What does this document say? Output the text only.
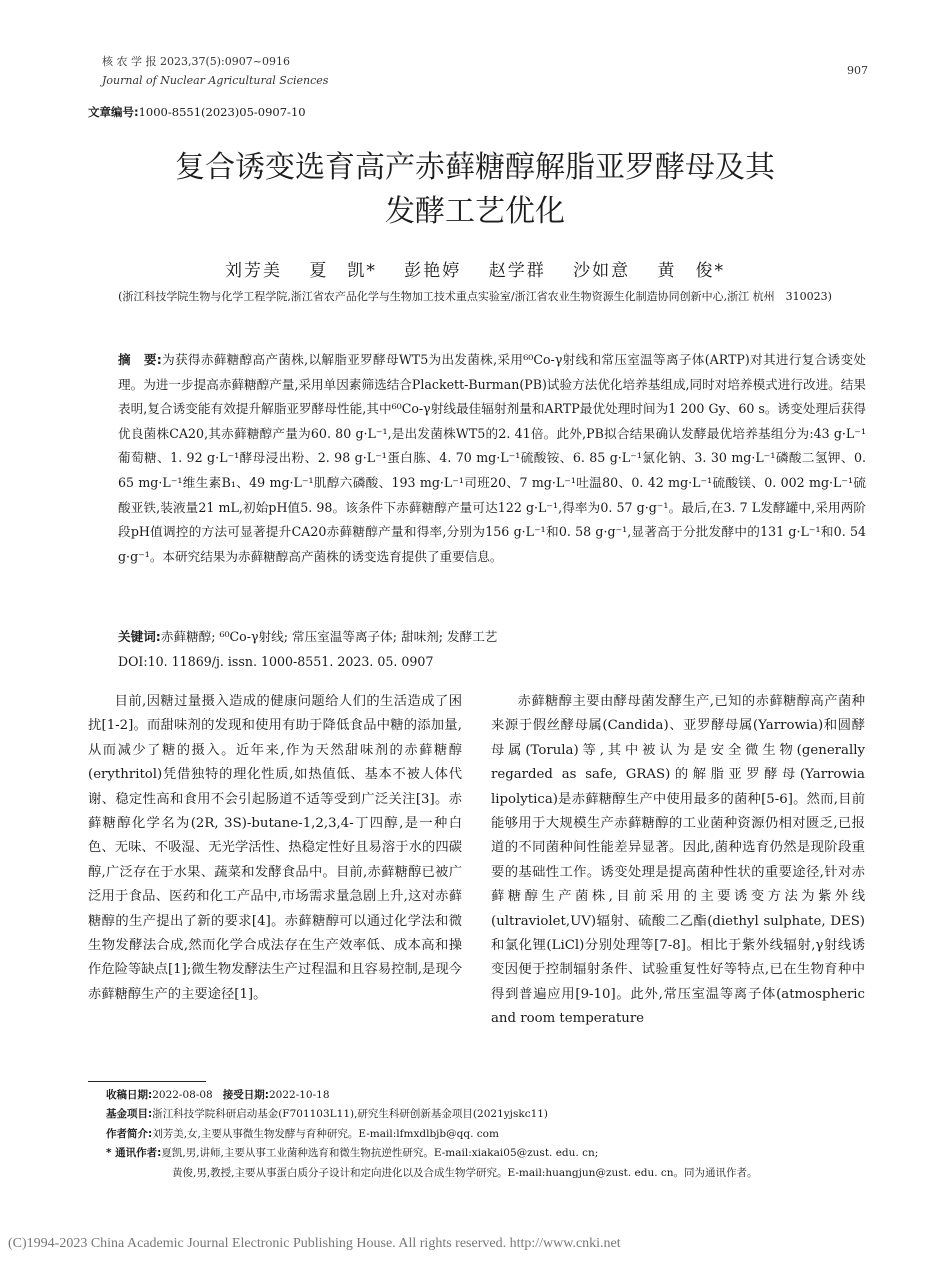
核 农 学 报 2023,37(5):0907~0916
Journal of Nuclear Agricultural Sciences
907
文章编号:1000-8551(2023)05-0907-10
复合诱变选育高产赤藓糖醇解脂亚罗酵母及其
发酵工艺优化
刘芳美 夏　凯* 彭艳婷 赵学群 沙如意 黄　俊*
(浙江科技学院生物与化学工程学院,浙江省农产品化学与生物加工技术重点实验室/浙江省农业生物资源生化制造协同创新中心,浙江 杭州　310023)
摘　要:为获得赤藓糖醇高产菌株,以解脂亚罗酵母WT5为出发菌株,采用⁶⁰Co-γ射线和常压室温等离子体(ARTP)对其进行复合诱变处理。为进一步提高赤藓糖醇产量,采用单因素筛选结合Plackett-Burman(PB)试验方法优化培养基组成,同时对培养模式进行改进。结果表明,复合诱变能有效提升解脂亚罗酵母性能,其中⁶⁰Co-γ射线最佳辐射剂量和ARTP最优处理时间为1 200 Gy、60 s。诱变处理后获得优良菌株CA20,其赤藓糖醇产量为60. 80 g·L⁻¹,是出发菌株WT5的2. 41倍。此外,PB拟合结果确认发酵最优培养基组分为:43 g·L⁻¹葡萄糖、1. 92 g·L⁻¹酵母浸出粉、2. 98 g·L⁻¹蛋白胨、4. 70 mg·L⁻¹硫酸铵、6. 85 g·L⁻¹氯化钠、3. 30 mg·L⁻¹磷酸二氢钾、0. 65 mg·L⁻¹维生素B₁、49 mg·L⁻¹肌醇六磷酸、193 mg·L⁻¹司班20、7 mg·L⁻¹吐温80、0. 42 mg·L⁻¹硫酸镁、0. 002 mg·L⁻¹硫酸亚铁,装液量21 mL,初始pH值5. 98。该条件下赤藓糖醇产量可达122 g·L⁻¹,得率为0. 57 g·g⁻¹。最后,在3. 7 L发酵罐中,采用两阶段pH值调控的方法可显著提升CA20赤藓糖醇产量和得率,分别为156 g·L⁻¹和0. 58 g·g⁻¹,显著高于分批发酵中的131 g·L⁻¹和0. 54 g·g⁻¹。本研究结果为赤藓糖醇高产菌株的诱变选育提供了重要信息。
关键词:赤藓糖醇; ⁶⁰Co-γ射线; 常压室温等离子体; 甜味剂; 发酵工艺
DOI:10. 11869/j. issn. 1000-8551. 2023. 05. 0907

目前,因糖过量摄入造成的健康问题给人们的生活造成了困扰[1-2]。而甜味剂的发现和使用有助于降低食品中糖的添加量,从而减少了糖的摄入。近年来,作为天然甜味剂的赤藓糖醇(erythritol)凭借独特的理化性质,如热值低、基本不被人体代谢、稳定性高和食用不会引起肠道不适等受到广泛关注[3]。赤藓糖醇化学名为(2R, 3S)-butane-1,2,3,4-丁四醇,是一种白色、无味、不吸湿、无光学活性、热稳定性好且易溶于水的四碳醇,广泛存在于水果、蔬菜和发酵食品中。目前,赤藓糖醇已被广泛用于食品、医药和化工产品中,市场需求量急剧上升,这对赤藓糖醇的生产提出了新的要求[4]。赤藓糖醇可以通过化学法和微生物发酵法合成,然而化学合成法存在生产效率低、成本高和操作危险等缺点[1];微生物发酵法生产过程温和且容易控制,是现今赤藓糖醇生产的主要途径[1]。

赤藓糖醇主要由酵母菌发酵生产,已知的赤藓糖醇高产菌种来源于假丝酵母属(Candida)、亚罗酵母属(Yarrowia)和圆酵母属(Torula)等,其中被认为是安全微生物(generally regarded as safe, GRAS)的解脂亚罗酵母(Yarrowia lipolytica)是赤藓糖醇生产中使用最多的菌种[5-6]。然而,目前能够用于大规模生产赤藓糖醇的工业菌种资源仍相对匮乏,已报道的不同菌种间性能差异显著。因此,菌种选育仍然是现阶段重要的基础性工作。诱变处理是提高菌种性状的重要途径,针对赤藓糖醇生产菌株,目前采用的主要诱变方法为紫外线(ultraviolet,UV)辐射、硫酸二乙酯(diethyl sulphate, DES)和氯化锂(LiCl)分别处理等[7-8]。相比于紫外线辐射,γ射线诱变因便于控制辐射条件、试验重复性好等特点,已在生物育种中得到普遍应用[9-10]。此外,常压室温等离子体(atmospheric and room temperature

收稿日期:2022-08-08 接受日期:2022-10-18
基金项目:浙江科技学院科研启动基金(F701103L11),研究生科研创新基金项目(2021yjskc11)
作者简介:刘芳美,女,主要从事微生物发酵与育种研究。E-mail:lfmxdlbjb@qq. com
* 通讯作者:夏凯,男,讲师,主要从事工业菌种选育和微生物抗逆性研究。E-mail:xiakai05@zust. edu. cn;
黄俊,男,教授,主要从事蛋白质分子设计和定向进化以及合成生物学研究。E-mail:huangjun@zust. edu. cn。同为通讯作者。
(C)1994-2023 China Academic Journal Electronic Publishing House. All rights reserved. http://www.cnki.net
